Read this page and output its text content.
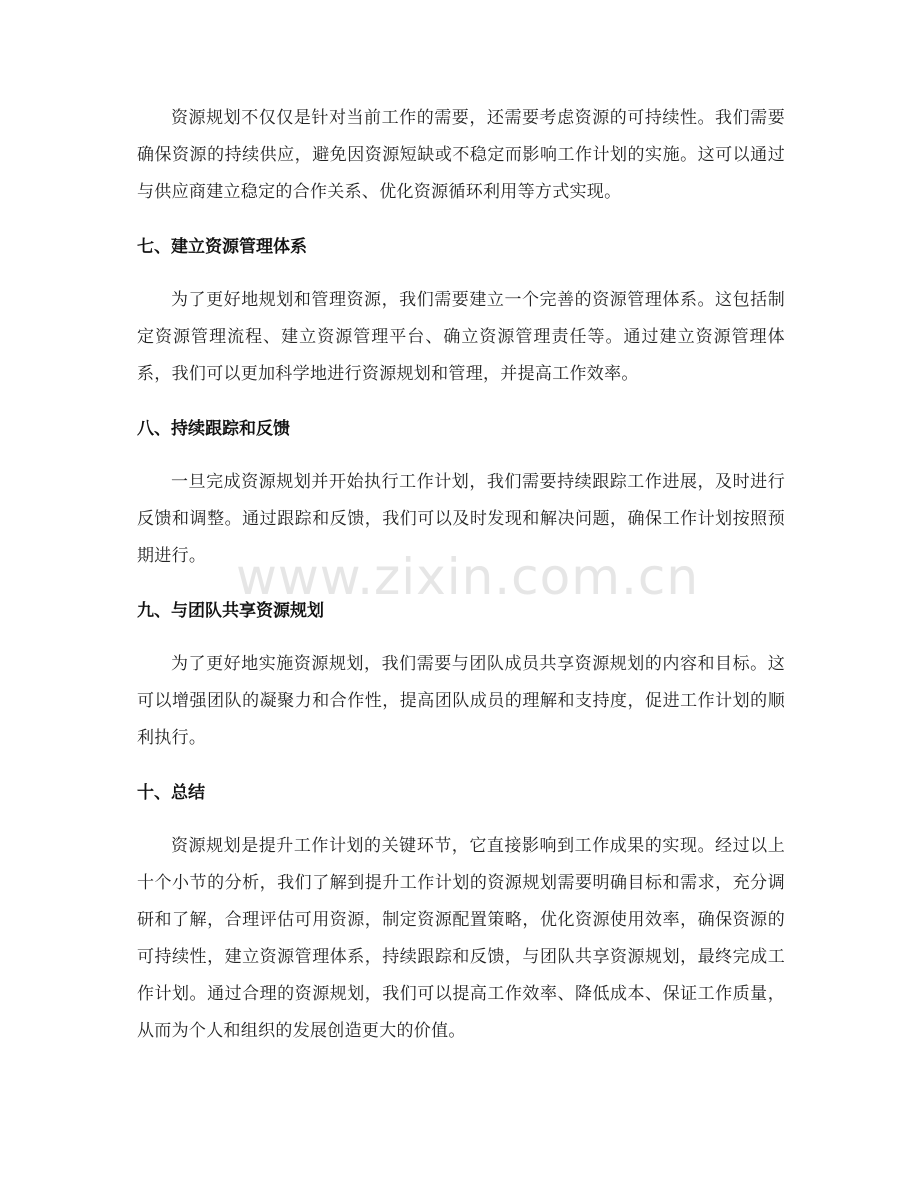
资源规划不仅仅是针对当前工作的需要，还需要考虑资源的可持续性。我们需要确保资源的持续供应，避免因资源短缺或不稳定而影响工作计划的实施。这可以通过与供应商建立稳定的合作关系、优化资源循环利用等方式实现。

七、建立资源管理体系

为了更好地规划和管理资源，我们需要建立一个完善的资源管理体系。这包括制定资源管理流程、建立资源管理平台、确立资源管理责任等。通过建立资源管理体系，我们可以更加科学地进行资源规划和管理，并提高工作效率。

八、持续跟踪和反馈

一旦完成资源规划并开始执行工作计划，我们需要持续跟踪工作进展，及时进行反馈和调整。通过跟踪和反馈，我们可以及时发现和解决问题，确保工作计划按照预期进行。

九、与团队共享资源规划

为了更好地实施资源规划，我们需要与团队成员共享资源规划的内容和目标。这可以增强团队的凝聚力和合作性，提高团队成员的理解和支持度，促进工作计划的顺利执行。

十、总结

资源规划是提升工作计划的关键环节，它直接影响到工作成果的实现。经过以上十个小节的分析，我们了解到提升工作计划的资源规划需要明确目标和需求，充分调研和了解，合理评估可用资源，制定资源配置策略，优化资源使用效率，确保资源的可持续性，建立资源管理体系，持续跟踪和反馈，与团队共享资源规划，最终完成工作计划。通过合理的资源规划，我们可以提高工作效率、降低成本、保证工作质量，从而为个人和组织的发展创造更大的价值。

www.zixin.com.cn
